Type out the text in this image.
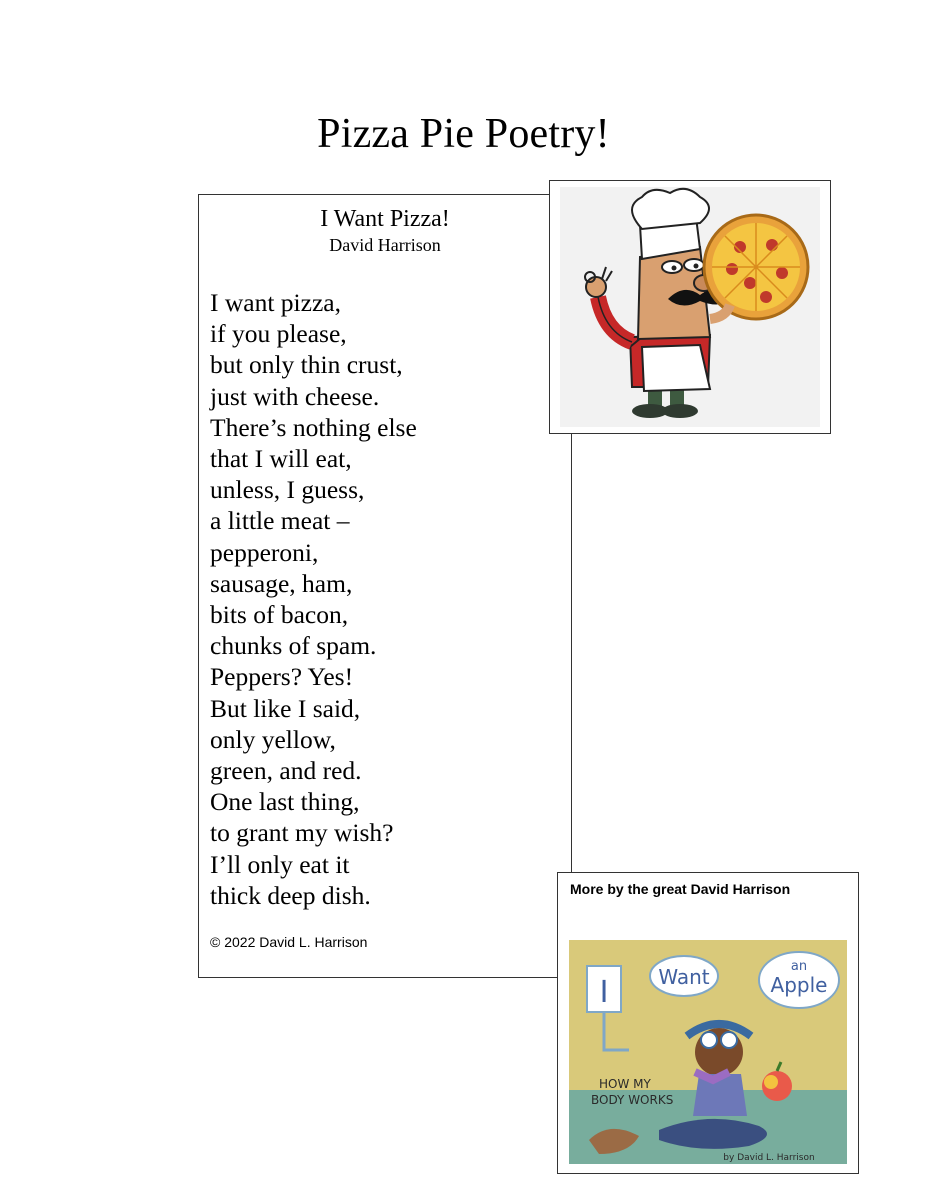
Pizza Pie Poetry!
I Want Pizza!
David Harrison
I want pizza,
if you please,
but only thin crust,
just with cheese.
There’s nothing else
that I will eat,
unless, I guess,
a little meat –
pepperoni,
sausage, ham,
bits of bacon,
chunks of spam.
Peppers? Yes!
But like I said,
only yellow,
green, and red.
One last thing,
to grant my wish?
I’ll only eat it
thick deep dish.
© 2022 David L. Harrison
More by the great David Harrison
I Want	an
Apple
HOW MY
BODY WORKS
by David L. Harrison
